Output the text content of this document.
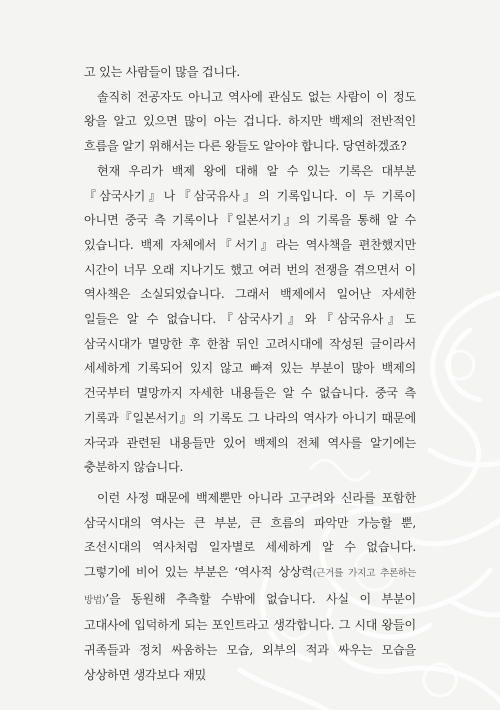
고 있는 사람들이 많을 겁니다.

솔직히 전공자도 아니고 역사에 관심도 없는 사람이 이 정도 왕을 알고 있으면 많이 아는 겁니다. 하지만 백제의 전반적인 흐름을 알기 위해서는 다른 왕들도 알아야 합니다. 당연하겠죠?

현재 우리가 백제 왕에 대해 알 수 있는 기록은 대부분『삼국사기』나『삼국유사』의 기록입니다. 이 두 기록이 아니면 중국 측 기록이나『일본서기』의 기록을 통해 알 수 있습니다. 백제 자체에서『서기』라는 역사책을 편찬했지만 시간이 너무 오래 지나기도 했고 여러 번의 전쟁을 겪으면서 이 역사책은 소실되었습니다. 그래서 백제에서 일어난 자세한 일들은 알 수 없습니다.『삼국사기』와『삼국유사』도 삼국시대가 멸망한 후 한참 뒤인 고려시대에 작성된 글이라서 세세하게 기록되어 있지 않고 빠져 있는 부분이 많아 백제의 건국부터 멸망까지 자세한 내용들은 알 수 없습니다. 중국 측 기록과『일본서기』의 기록도 그 나라의 역사가 아니기 때문에 자국과 관련된 내용들만 있어 백제의 전체 역사를 알기에는 충분하지 않습니다.

이런 사정 때문에 백제뿐만 아니라 고구려와 신라를 포함한 삼국시대의 역사는 큰 부분, 큰 흐름의 파악만 가능할 뿐, 조선시대의 역사처럼 일자별로 세세하게 알 수 없습니다. 그렇기에 비어 있는 부분은 ‘역사적 상상력(근거를 가지고 추론하는 방법)’을 동원해 추측할 수밖에 없습니다. 사실 이 부분이 고대사에 입덕하게 되는 포인트라고 생각합니다. 그 시대 왕들이 귀족들과 정치 싸움하는 모습, 외부의 적과 싸우는 모습을 상상하면 생각보다 재밌
